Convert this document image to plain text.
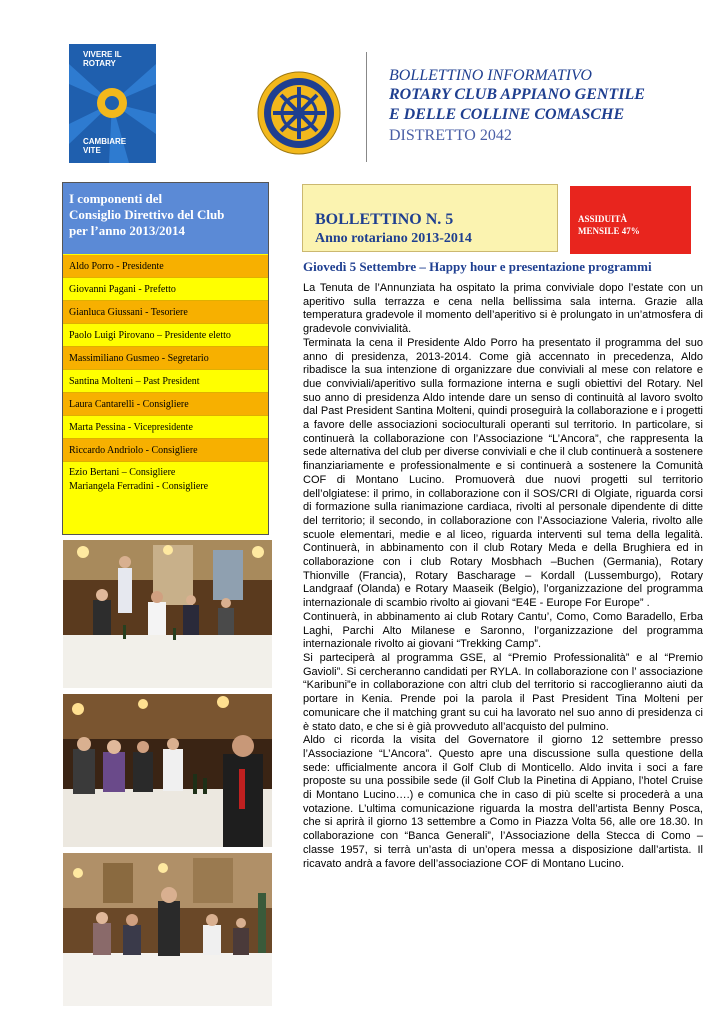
VIVERE IL
ROTARY
CAMBIARE
VITE
BOLLETTINO INFORMATIVO
ROTARY CLUB APPIANO GENTILE
E DELLE COLLINE COMASCHE
DISTRETTO 2042
I componenti del
Consiglio Direttivo del Club
per l’anno 2013/2014
Aldo Porro - Presidente
Giovanni Pagani - Prefetto
Gianluca Giussani - Tesoriere
Paolo Luigi Pirovano – Presidente eletto
Massimiliano Gusmeo - Segretario
Santina Molteni – Past President
Laura Cantarelli - Consigliere
Marta Pessina - Vicepresidente
Riccardo Andriolo - Consigliere
Ezio Bertani – Consigliere
Mariangela Ferradini - Consigliere
BOLLETTINO N. 5
Anno rotariano 2013-2014
ASSIDUITÀ
MENSILE 47%
Giovedì 5 Settembre – Happy hour e presentazione programmi

La Tenuta de l’Annunziata ha ospitato la prima conviviale dopo l’estate con un aperitivo sulla terrazza e cena nella bellissima sala interna. Grazie alla temperatura gradevole il momento dell’aperitivo si è prolungato in un’atmosfera di gradevole convivialità.

Terminata la cena il Presidente Aldo Porro ha presentato il programma del suo anno di presidenza, 2013-2014. Come già accennato in precedenza, Aldo ribadisce la sua intenzione di organizzare due conviviali al mese con relatore e due conviviali/aperitivo sulla formazione interna e sugli obiettivi del Rotary. Nel suo anno di presidenza Aldo intende dare un senso di continuità al lavoro svolto dal Past President Santina Molteni, quindi proseguirà la collaborazione e i progetti a favore delle associazioni socioculturali operanti sul territorio. In particolare, si continuerà la collaborazione con l’Associazione “L’Ancora”, che rappresenta la sede alternativa del club per diverse conviviali e che il club continuerà a sostenere finanziariamente e professionalmente e si continuerà a sostenere la Comunità COF di Montano Lucino. Promuoverà due nuovi progetti sul territorio dell’olgiatese: il primo, in collaborazione con il SOS/CRI di Olgiate, riguarda corsi di formazione sulla rianimazione cardiaca, rivolti al personale dipendente di ditte del territorio; il secondo, in collaborazione con l’Associazione Valeria, rivolto alle scuole elementari, medie e al liceo, riguarda interventi sul tema della legalità. Continuerà, in abbinamento con il club Rotary Meda e della Brughiera ed in collaborazione con i club Rotary Mosbhach –Buchen (Germania), Rotary Thionville (Francia), Rotary Bascharage – Kordall (Lussemburgo), Rotary Landgraaf (Olanda) e Rotary Maaseik (Belgio), l’organizzazione del programma internazionale di scambio rivolto ai giovani “E4E - Europe For Europe” .

Continuerà, in abbinamento ai club Rotary Cantu’, Como, Como Baradello, Erba Laghi, Parchi Alto Milanese e Saronno, l’organizzazione del programma internazionale rivolto ai giovani “Trekking Camp”.

Si parteciperà al programma GSE, al “Premio Professionalità” e al “Premio Gavioli”. Si cercheranno candidati per RYLA. In collaborazione con l’ associazione “Karibuni”e in collaborazione con altri club del territorio si raccoglieranno aiuti da portare in Kenia. Prende poi la parola il Past President Tina Molteni per comunicare che il matching grant su cui ha lavorato nel suo anno di presidenza ci è stato dato, e che si è già provveduto all’acquisto del pulmino.

Aldo ci ricorda la visita del Governatore il giorno 12 settembre presso l’Associazione “L’Ancora”. Questo apre una discussione sulla questione della sede: ufficialmente ancora il Golf Club di Monticello. Aldo invita i soci a fare proposte su una possibile sede (il Golf Club la Pinetina di Appiano, l’hotel Cruise di Montano Lucino….) e comunica che in caso di più scelte si procederà a una votazione. L’ultima comunicazione riguarda la mostra dell’artista Benny Posca, che si aprirà il giorno 13 settembre a Como in Piazza Volta 56, alle ore 18.30. In collaborazione con “Banca Generali”, l’Associazione della Stecca di Como – classe 1957, si terrà un’asta di un’opera messa a disposizione dall’artista. Il ricavato andrà a favore dell’associazione COF di Montano Lucino.
